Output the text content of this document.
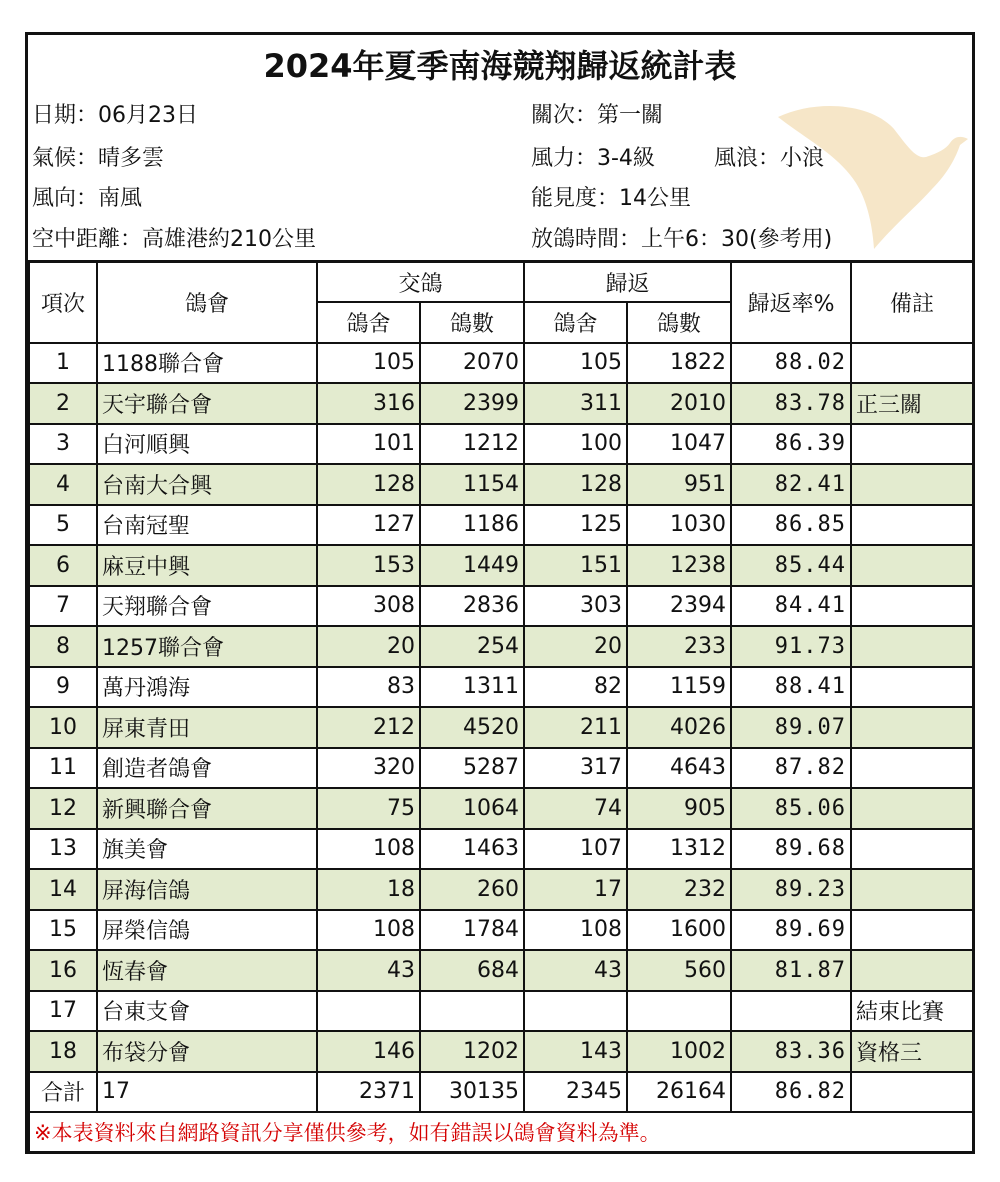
2024年夏季南海競翔歸返統計表
日期：06月23日
氣候：晴多雲
風向：南風
空中距離：高雄港約210公里
關次：第一關
風力：3-4級	風浪：小浪
能見度：14公里
放鴿時間：上午6：30(參考用)
項次	鴿會	交鴿		歸返		歸返率%	備註
		鴿舍	鴿數	鴿舍	鴿數		
1	1188聯合會	105	2070	105	1822	88.02	
2	天宇聯合會	316	2399	311	2010	83.78	正三關
3	白河順興	101	1212	100	1047	86.39	
4	台南大合興	128	1154	128	951	82.41	
5	台南冠聖	127	1186	125	1030	86.85	
6	麻豆中興	153	1449	151	1238	85.44	
7	天翔聯合會	308	2836	303	2394	84.41	
8	1257聯合會	20	254	20	233	91.73	
9	萬丹鴻海	83	1311	82	1159	88.41	
10	屏東青田	212	4520	211	4026	89.07	
11	創造者鴿會	320	5287	317	4643	87.82	
12	新興聯合會	75	1064	74	905	85.06	
13	旗美會	108	1463	107	1312	89.68	
14	屏海信鴿	18	260	17	232	89.23	
15	屏榮信鴿	108	1784	108	1600	89.69	
16	恆春會	43	684	43	560	81.87	
17	台東支會						結束比賽
18	布袋分會	146	1202	143	1002	83.36	資格三
合計	17	2371	30135	2345	26164	86.82	
※本表資料來自網路資訊分享僅供參考，如有錯誤以鴿會資料為準。							
